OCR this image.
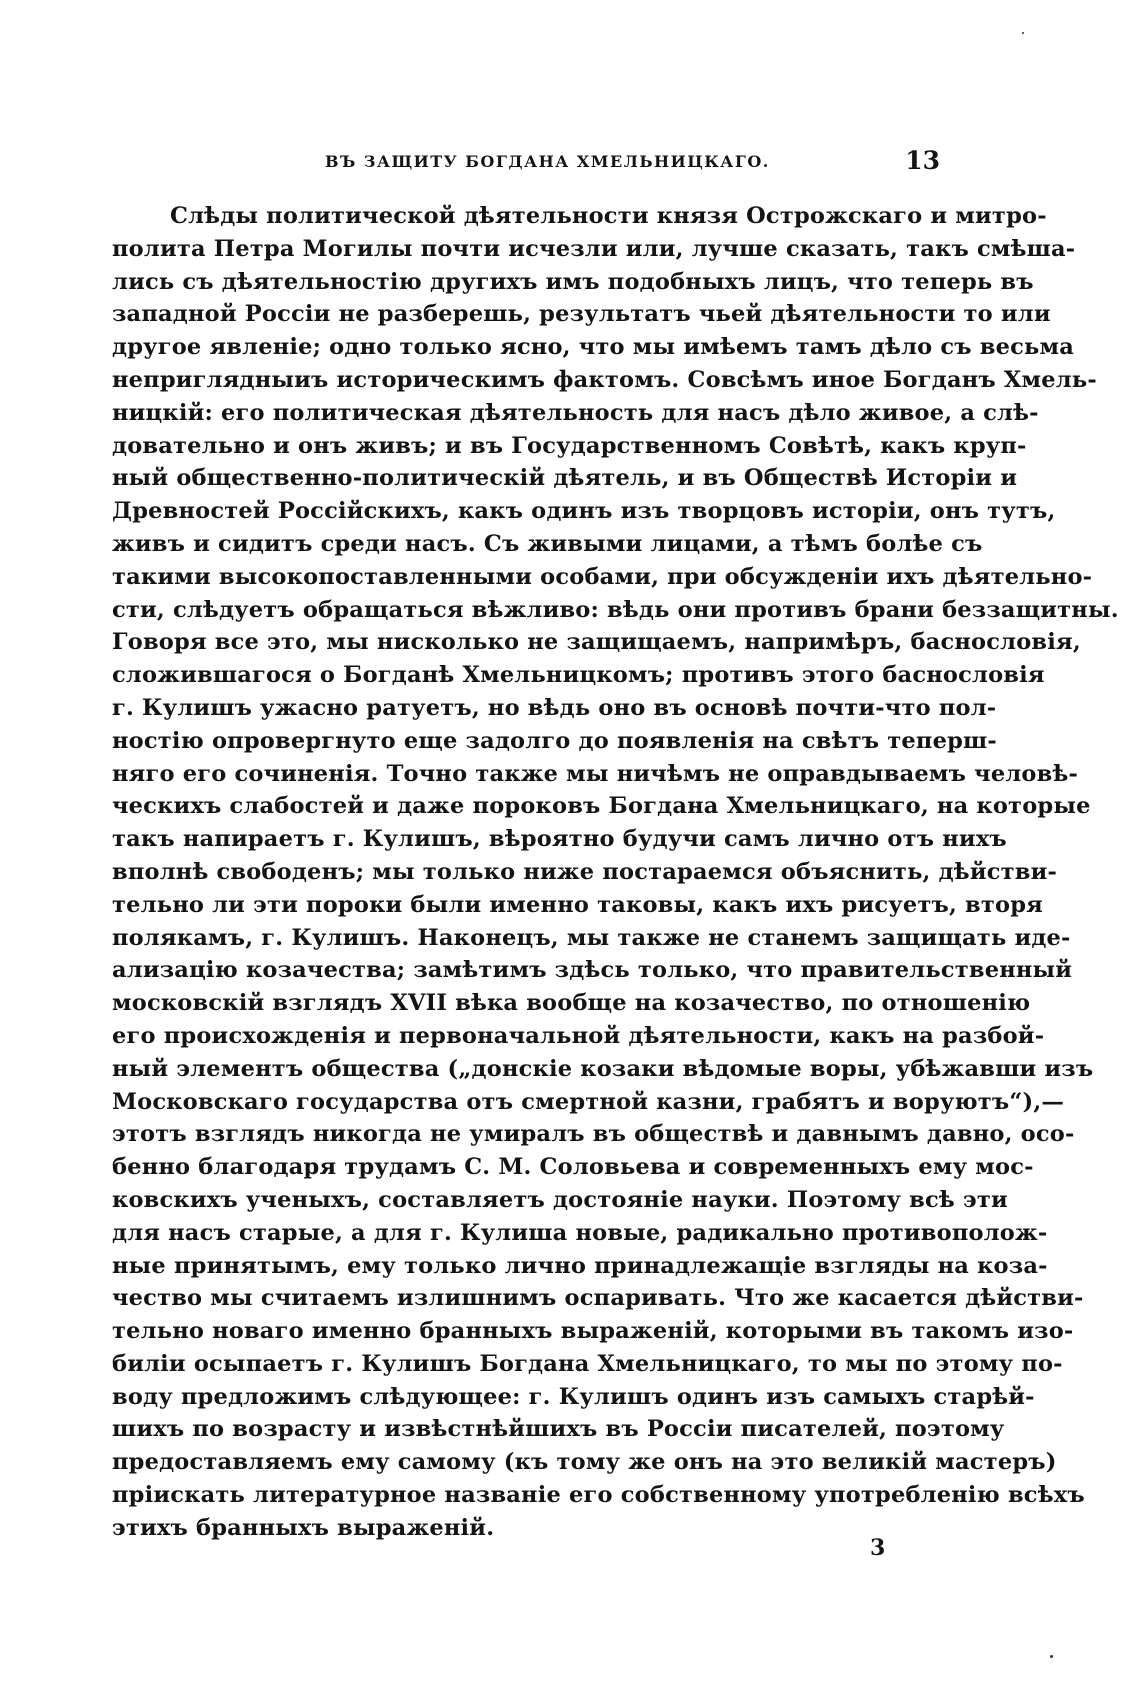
ВЪ ЗАЩИТУ БОГДАНА ХМЕЛЬНИЦКАГО.	13
Слѣды политической дѣятельности князя Острожскаго и митро-
полита Петра Могилы почти исчезли или, лучше сказать, такъ смѣша-
лись съ дѣятельностію другихъ имъ подобныхъ лицъ, что теперь въ
западной Россіи не разберешь, результатъ чьей дѣятельности то или
другое явленіе; одно только ясно, что мы имѣемъ тамъ дѣло съ весьма
неприглядныиъ историческимъ фактомъ. Совсѣмъ иное Богданъ Хмель-
ницкій: его политическая дѣятельность для насъ дѣло живое, а слѣ-
довательно и онъ живъ; и въ Государственномъ Совѣтѣ, какъ круп-
ный общественно-политическій дѣятель, и въ Обществѣ Исторіи и
Древностей Россійскихъ, какъ одинъ изъ творцовъ исторіи, онъ тутъ,
живъ и сидитъ среди насъ. Съ живыми лицами, а тѣмъ болѣе съ
такими высокопоставленными особами, при обсужденіи ихъ дѣятельно-
сти, слѣдуетъ обращаться вѣжливо: вѣдь они противъ брани беззащитны.
Говоря все это, мы нисколько не защищаемъ, напримѣръ, баснословія,
сложившагося о Богданѣ Хмельницкомъ; противъ этого баснословія
г. Кулишъ ужасно ратуетъ, но вѣдь оно въ основѣ почти-что пол-
ностію опровергнуто еще задолго до появленія на свѣтъ теперш-
няго его сочиненія. Точно также мы ничѣмъ не оправдываемъ человѣ-
ческихъ слабостей и даже пороковъ Богдана Хмельницкаго, на которые
такъ напираетъ г. Кулишъ, вѣроятно будучи самъ лично отъ нихъ
вполнѣ свободенъ; мы только ниже постараемся объяснить, дѣйстви-
тельно ли эти пороки были именно таковы, какъ ихъ рисуетъ, вторя
полякамъ, г. Кулишъ. Наконецъ, мы также не станемъ защищать иде-
ализацію козачества; замѣтимъ здѣсь только, что правительственный
московскій взглядъ XVII вѣка вообще на козачество, по отношенію
его происхожденія и первоначальной дѣятельности, какъ на разбой-
ный элементъ общества („донскіе козаки вѣдомые воры, убѣжавши изъ
Московскаго государства отъ смертной казни, грабятъ и воруютъ“),—
этотъ взглядъ никогда не умиралъ въ обществѣ и давнымъ давно, осо-
бенно благодаря трудамъ С. М. Соловьева и современныхъ ему мос-
ковскихъ ученыхъ, составляетъ достояніе науки. Поэтому всѣ эти
для насъ старые, а для г. Кулиша новые, радикально противополож-
ные принятымъ, ему только лично принадлежащіе взгляды на коза-
чество мы считаемъ излишнимъ оспаривать. Что же касается дѣйстви-
тельно новаго именно бранныхъ выраженій, которыми въ такомъ изо-
биліи осыпаетъ г. Кулишъ Богдана Хмельницкаго, то мы по этому по-
воду предложимъ слѣдующее: г. Кулишъ одинъ изъ самыхъ старѣй-
шихъ по возрасту и извѣстнѣйшихъ въ Россіи писателей, поэтому
предоставляемъ ему самому (къ тому же онъ на это великій мастеръ)
пріискать литературное названіе его собственному употребленію всѣхъ
этихъ бранныхъ выраженій.
3
